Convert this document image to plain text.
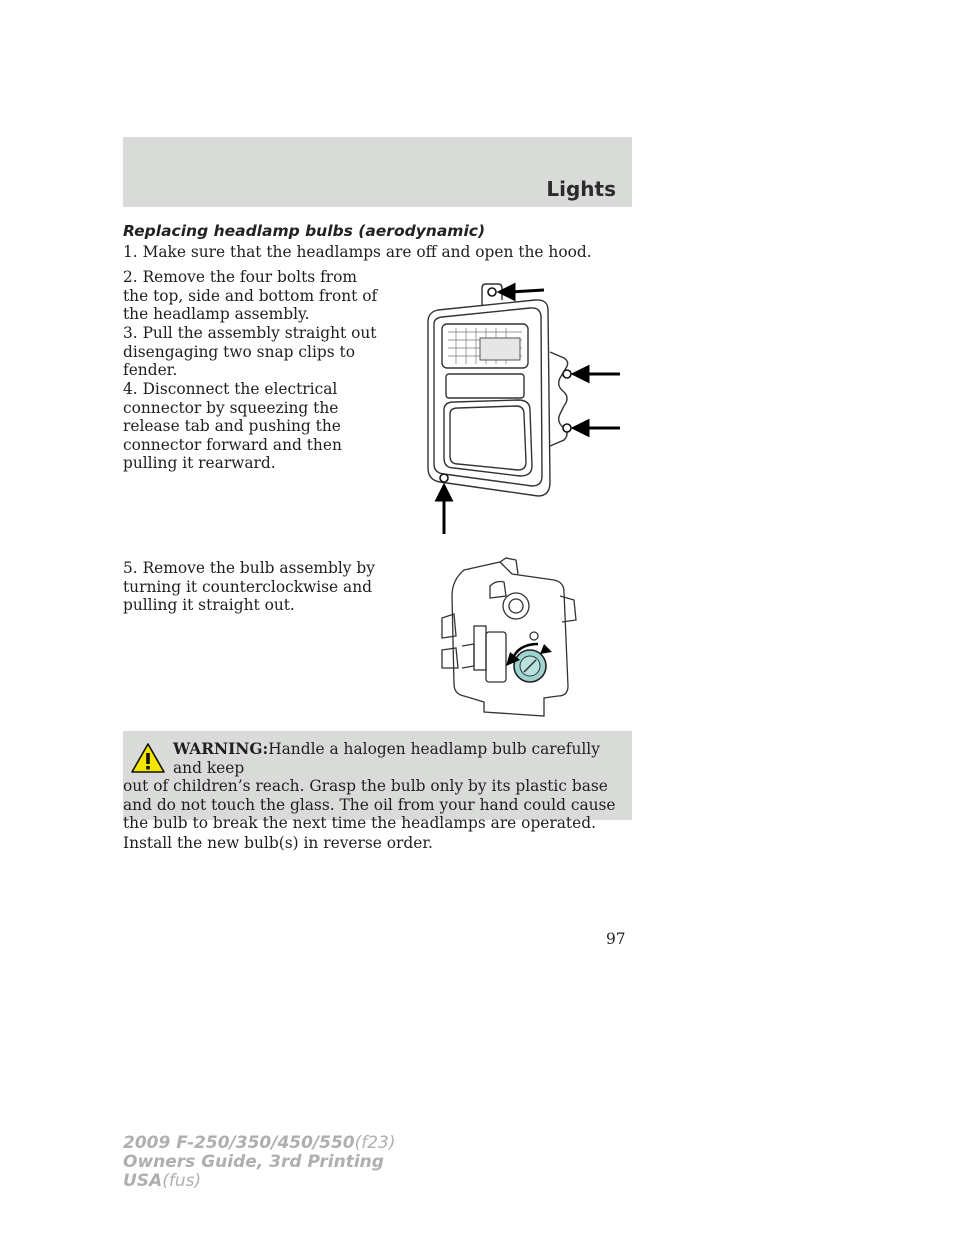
Lights
Replacing headlamp bulbs (aerodynamic)
1. Make sure that the headlamps are off and open the hood.
2. Remove the four bolts from the top, side and bottom front of the headlamp assembly.
3. Pull the assembly straight out disengaging two snap clips to fender.
4. Disconnect the electrical connector by squeezing the release tab and pushing the connector forward and then pulling it rearward.
5. Remove the bulb assembly by turning it counterclockwise and pulling it straight out.

WARNING:Handle a halogen headlamp bulb carefully and keep
out of children’s reach. Grasp the bulb only by its plastic base and do not touch the glass. The oil from your hand could cause the bulb to break the next time the headlamps are operated.

Install the new bulb(s) in reverse order.
97
2009 F-250/350/450/550(f23)
Owners Guide, 3rd Printing
USA(fus)
